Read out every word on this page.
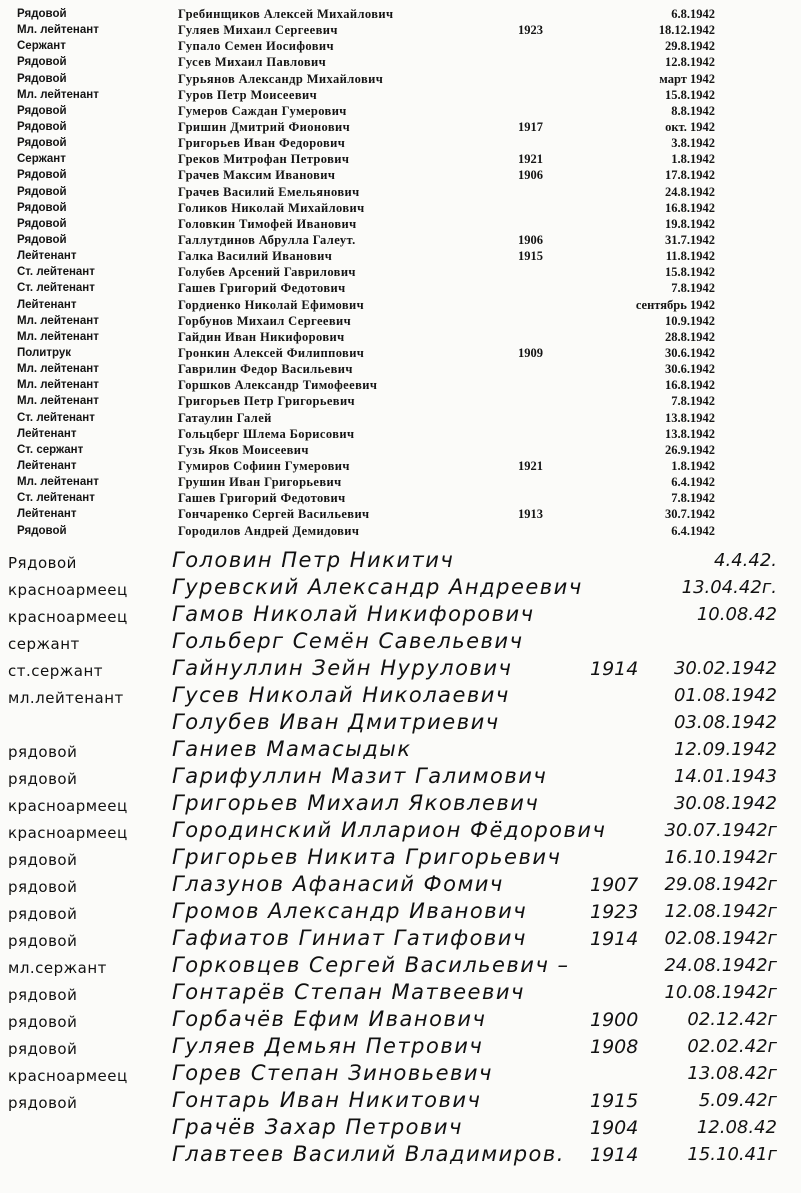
Рядовой	Гребинщиков Алексей Михайлович	6.8.1942
Мл. лейтенант	Гуляев Михаил Сергеевич	1923	18.12.1942
Сержант	Гупало Семен Иосифович	29.8.1942
Рядовой	Гусев Михаил Павлович	12.8.1942
Рядовой	Гурьянов Александр Михайлович	март 1942
Мл. лейтенант	Гуров Петр Моисеевич	15.8.1942
Рядовой	Гумеров Саждан Гумерович	8.8.1942
Рядовой	Гришин Дмитрий Фионович	1917	окт. 1942
Рядовой	Григорьев Иван Федорович	3.8.1942
Сержант	Греков Митрофан Петрович	1921	1.8.1942
Рядовой	Грачев Максим Иванович	1906	17.8.1942
Рядовой	Грачев Василий Емельянович	24.8.1942
Рядовой	Голиков Николай Михайлович	16.8.1942
Рядовой	Головкин Тимофей Иванович	19.8.1942
Рядовой	Галлутдинов Абрулла Галеут.	1906	31.7.1942
Лейтенант	Галка Василий Иванович	1915	11.8.1942
Ст. лейтенант	Голубев Арсений Гаврилович	15.8.1942
Ст. лейтенант	Гашев Григорий Федотович	7.8.1942
Лейтенант	Гордиенко Николай Ефимович	сентябрь 1942
Мл. лейтенант	Горбунов Михаил Сергеевич	10.9.1942
Мл. лейтенант	Гайдин Иван Никифорович	28.8.1942
Политрук	Гронкин Алексей Филиппович	1909	30.6.1942
Мл. лейтенант	Гаврилин Федор Васильевич	30.6.1942
Мл. лейтенант	Горшков Александр Тимофеевич	16.8.1942
Мл. лейтенант	Григорьев Петр Григорьевич	7.8.1942
Ст. лейтенант	Гатаулин Галей	13.8.1942
Лейтенант	Гольцберг Шлема Борисович	13.8.1942
Ст. сержант	Гузь Яков Моисеевич	26.9.1942
Лейтенант	Гумиров Софиин Гумерович	1921	1.8.1942
Мл. лейтенант	Грушин Иван Григорьевич	6.4.1942
Ст. лейтенант	Гашев Григорий Федотович	7.8.1942
Лейтенант	Гончаренко Сергей Васильевич	1913	30.7.1942
Рядовой	Городилов Андрей Демидович	6.4.1942
Рядовой	Головин Петр Никитич	4.4.42.
красноармеец Гуревский Александр Андреевич	13.04.42г.
красноармеец Гамов Николай Никифорович	10.08.42
сержант	Гольберг Семён Савельевич
ст.сержант	Гайнуллин Зейн Нурулович	1914 30.02.1942
мл.лейтенант Гусев Николай Николаевич	01.08.1942
Голубев Иван Дмитриевич	03.08.1942
рядовой	Ганиев Мамасыдык	12.09.1942
рядовой	Гарифуллин Мазит Галимович	14.01.1943
красноармеец Григорьев Михаил Яковлевич	30.08.1942
красноармеец Городинский Илларион Фёдорович	30.07.1942г
рядовой	Григорьев Никита Григорьевич	16.10.1942г
рядовой	Глазунов Афанасий Фомич	1907 29.08.1942г
рядовой	Громов Александр Иванович	1923 12.08.1942г
рядовой	Гафиатов Гиниат Гатифович	1914 02.08.1942г
мл.сержант	Горковцев Сергей Васильевич –	24.08.1942г
рядовой	Гонтарёв Степан Матвеевич	10.08.1942г
рядовой	Горбачёв Ефим Иванович	1900	02.12.42г
рядовой	Гуляев Демьян Петрович	1908	02.02.42г
красноармеец Горев Степан Зиновьевич	13.08.42г
рядовой	Гонтарь Иван Никитович	1915	5.09.42г
Грачёв Захар Петрович	1904	12.08.42
Главтеев Василий Владимиров. 1914	15.10.41г
